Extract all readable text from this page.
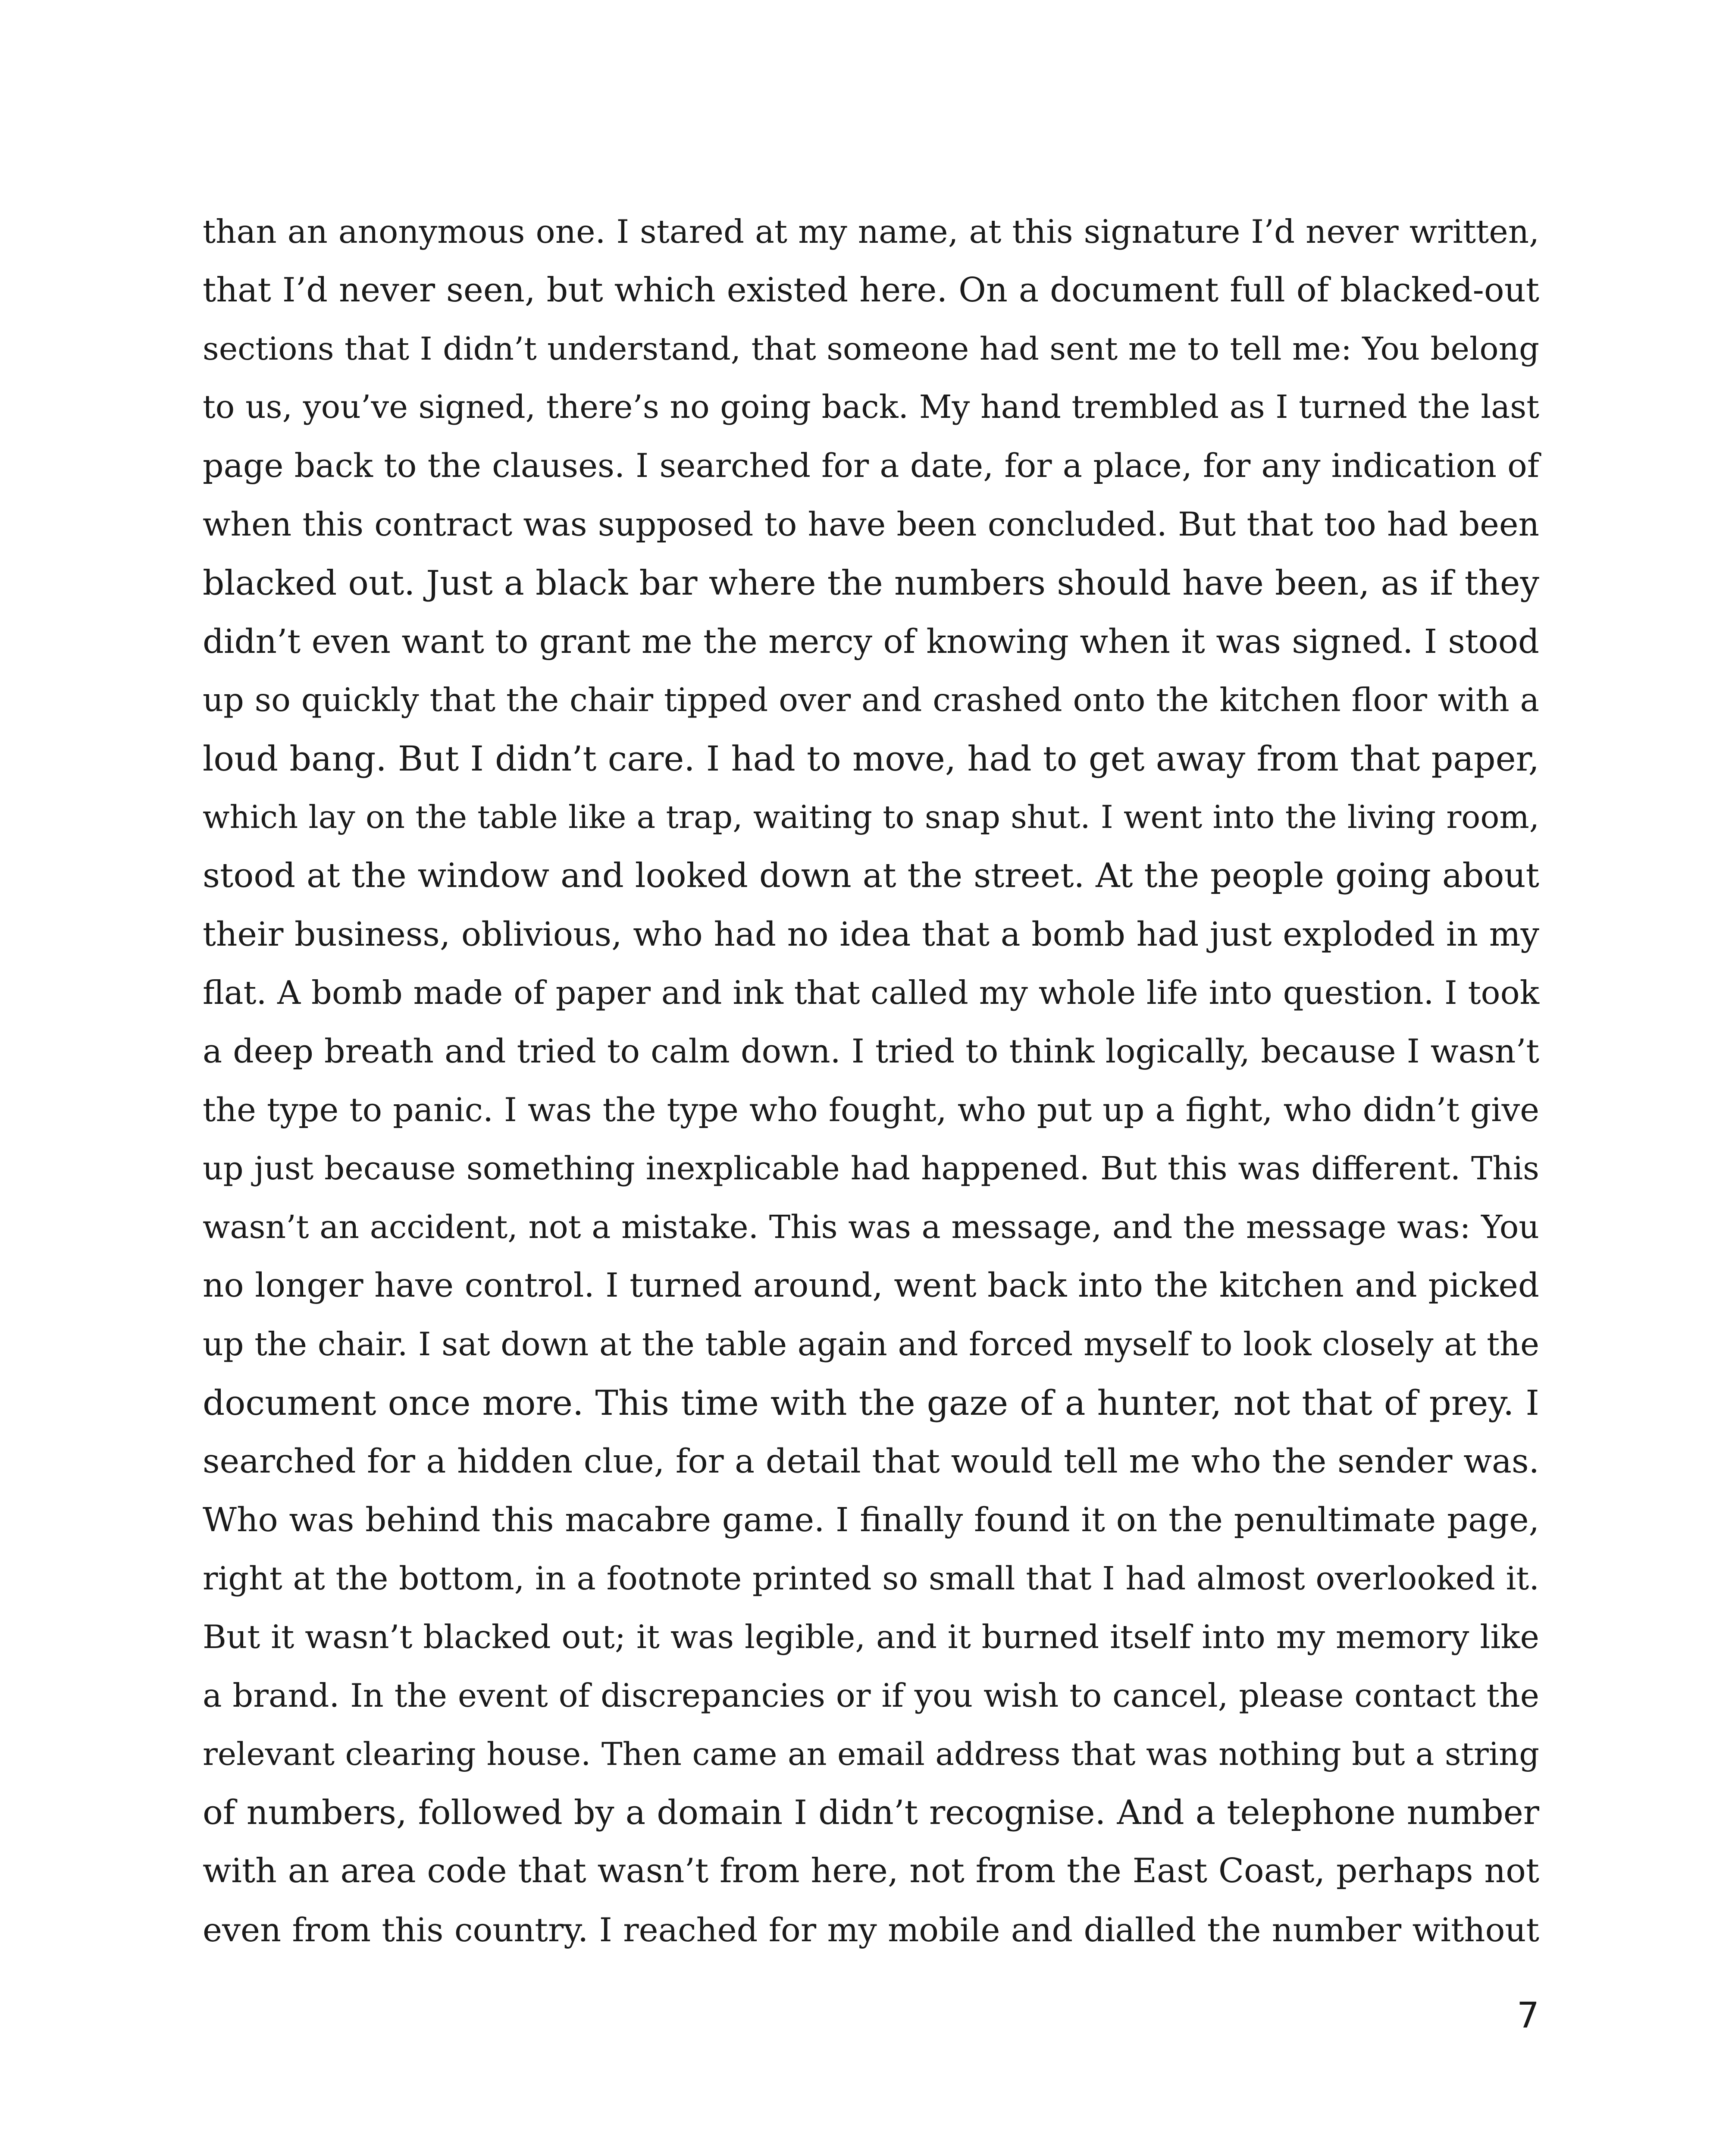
than an anonymous one. I stared at my name, at this signature I’d never written,
that I’d never seen, but which existed here. On a document full of blacked-out
sections that I didn’t understand, that someone had sent me to tell me: You belong
to us, you’ve signed, there’s no going back. My hand trembled as I turned the last
page back to the clauses. I searched for a date, for a place, for any indication of
when this contract was supposed to have been concluded. But that too had been
blacked out. Just a black bar where the numbers should have been, as if they
didn’t even want to grant me the mercy of knowing when it was signed. I stood
up so quickly that the chair tipped over and crashed onto the kitchen floor with a
loud bang. But I didn’t care. I had to move, had to get away from that paper,
which lay on the table like a trap, waiting to snap shut. I went into the living room,
stood at the window and looked down at the street. At the people going about
their business, oblivious, who had no idea that a bomb had just exploded in my
flat. A bomb made of paper and ink that called my whole life into question. I took
a deep breath and tried to calm down. I tried to think logically, because I wasn’t
the type to panic. I was the type who fought, who put up a fight, who didn’t give
up just because something inexplicable had happened. But this was different. This
wasn’t an accident, not a mistake. This was a message, and the message was: You
no longer have control. I turned around, went back into the kitchen and picked
up the chair. I sat down at the table again and forced myself to look closely at the
document once more. This time with the gaze of a hunter, not that of prey. I
searched for a hidden clue, for a detail that would tell me who the sender was.
Who was behind this macabre game. I finally found it on the penultimate page,
right at the bottom, in a footnote printed so small that I had almost overlooked it.
But it wasn’t blacked out; it was legible, and it burned itself into my memory like
a brand. In the event of discrepancies or if you wish to cancel, please contact the
relevant clearing house. Then came an email address that was nothing but a string
of numbers, followed by a domain I didn’t recognise. And a telephone number
with an area code that wasn’t from here, not from the East Coast, perhaps not
even from this country. I reached for my mobile and dialled the number without
7
